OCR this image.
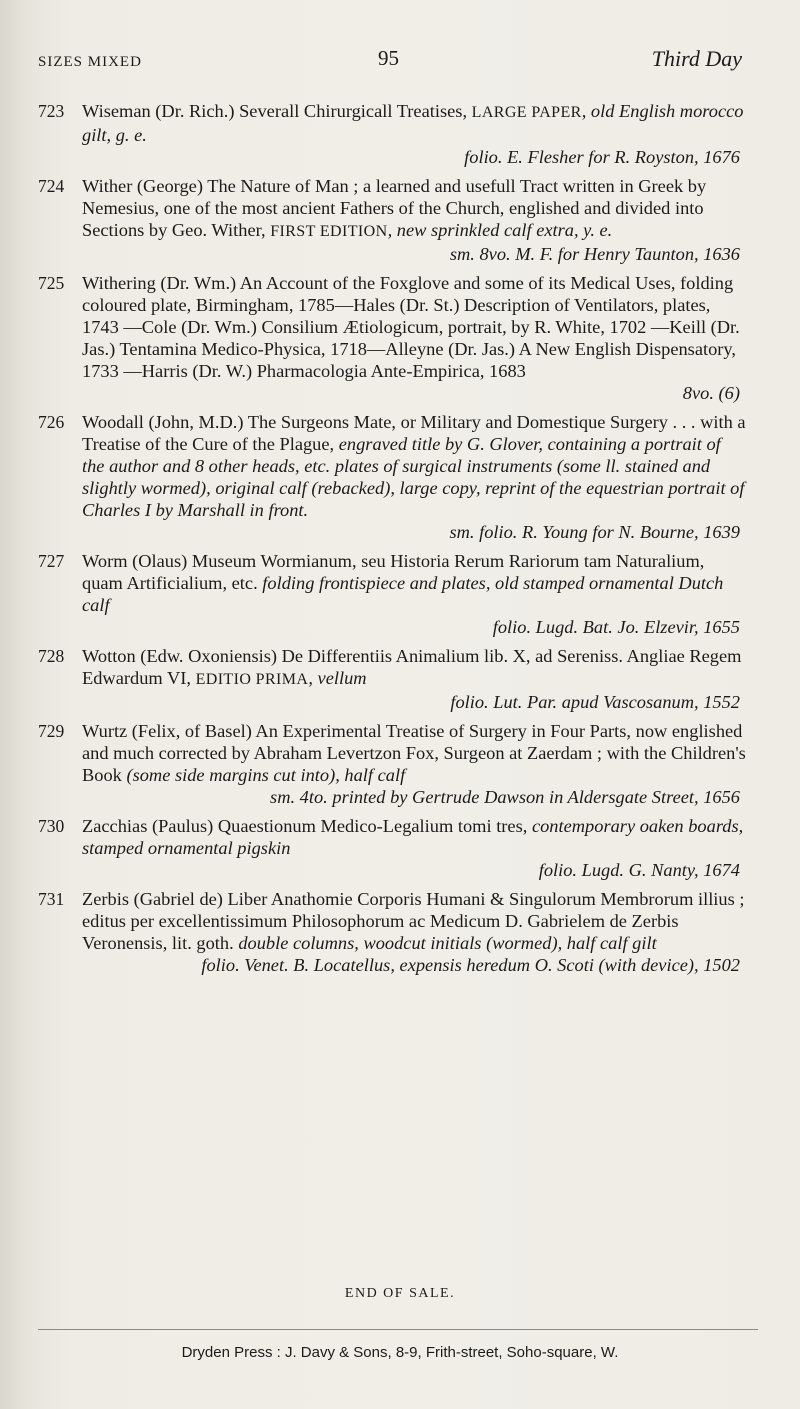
SIZES MIXED	95	Third Day
723 Wiseman (Dr. Rich.) Severall Chirurgicall Treatises, LARGE PAPER, old English morocco gilt, g. e.
folio. E. Flesher for R. Royston, 1676
724 Wither (George) The Nature of Man ; a learned and usefull Tract written in Greek by Nemesius, one of the most ancient Fathers of the Church, englished and divided into Sections by Geo. Wither, FIRST EDITION, new sprinkled calf extra, y. e.
sm. 8vo. M. F. for Henry Taunton, 1636
725 Withering (Dr. Wm.) An Account of the Foxglove and some of its Medical Uses, folding coloured plate, Birmingham, 1785—Hales (Dr. St.) Description of Ventilators, plates, 1743 —Cole (Dr. Wm.) Consilium Ætiologicum, portrait, by R. White, 1702 —Keill (Dr. Jas.) Tentamina Medico-Physica, 1718—Alleyne (Dr. Jas.) A New English Dispensatory, 1733 —Harris (Dr. W.) Pharmacologia Ante-Empirica, 1683
8vo. (6)
726 Woodall (John, M.D.) The Surgeons Mate, or Military and Domestique Surgery . . . with a Treatise of the Cure of the Plague, engraved title by G. Glover, containing a portrait of the author and 8 other heads, etc. plates of surgical instruments (some ll. stained and slightly wormed), original calf (rebacked), large copy, reprint of the equestrian portrait of Charles I by Marshall in front.
sm. folio. R. Young for N. Bourne, 1639
727 Worm (Olaus) Museum Wormianum, seu Historia Rerum Rariorum tam Naturalium, quam Artificialium, etc. folding frontispiece and plates, old stamped ornamental Dutch calf
folio. Lugd. Bat. Jo. Elzevir, 1655
728 Wotton (Edw. Oxoniensis) De Differentiis Animalium lib. X, ad Sereniss. Angliae Regem Edwardum VI, EDITIO PRIMA, vellum
folio. Lut. Par. apud Vascosanum, 1552
729 Wurtz (Felix, of Basel) An Experimental Treatise of Surgery in Four Parts, now englished and much corrected by Abraham Levertzon Fox, Surgeon at Zaerdam ; with the Children's Book (some side margins cut into), half calf
sm. 4to. printed by Gertrude Dawson in Aldersgate Street, 1656
730 Zacchias (Paulus) Quaestionum Medico-Legalium tomi tres, contemporary oaken boards, stamped ornamental pigskin
folio. Lugd. G. Nanty, 1674
731 Zerbis (Gabriel de) Liber Anathomie Corporis Humani & Singulorum Membrorum illius ; editus per excellentissimum Philosophorum ac Medicum D. Gabrielem de Zerbis Veronensis, lit. goth. double columns, woodcut initials (wormed), half calf gilt
folio. Venet. B. Locatellus, expensis heredum O. Scoti (with device), 1502
END OF SALE.
Dryden Press : J. Davy & Sons, 8-9, Frith-street, Soho-square, W.
